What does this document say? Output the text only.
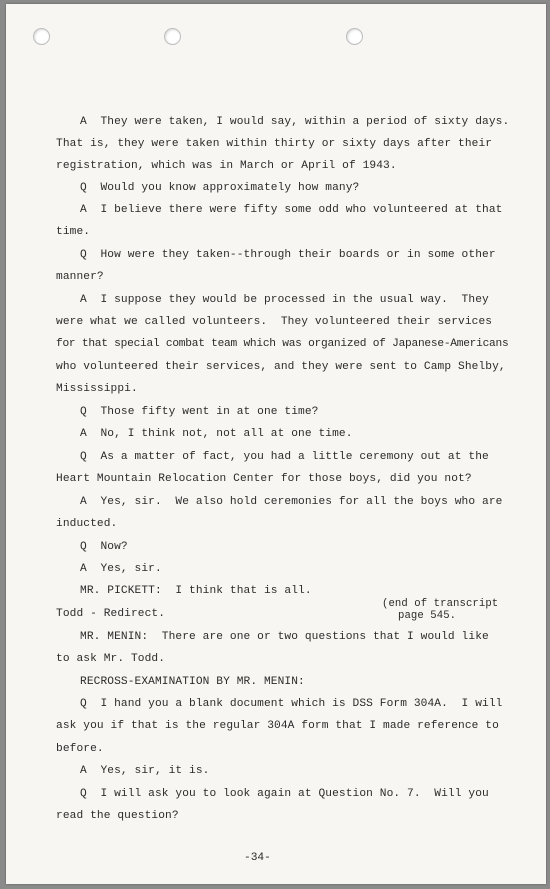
A  They were taken, I would say, within a period of sixty days.
That is, they were taken within thirty or sixty days after their
registration, which was in March or April of 1943.
Q  Would you know approximately how many?
A  I believe there were fifty some odd who volunteered at that
time.
Q  How were they taken--through their boards or in some other
manner?
A  I suppose they would be processed in the usual way.  They
were what we called volunteers.  They volunteered their services
for that special combat team which was organized of Japanese-Americans
who volunteered their services, and they were sent to Camp Shelby,
Mississippi.
Q  Those fifty went in at one time?
A  No, I think not, not all at one time.
Q  As a matter of fact, you had a little ceremony out at the
Heart Mountain Relocation Center for those boys, did you not?
A  Yes, sir.  We also hold ceremonies for all the boys who are
inducted.
Q  Now?
A  Yes, sir.
MR. PICKETT:  I think that is all.
(end of transcript
page 545.
Todd - Redirect.
MR. MENIN:  There are one or two questions that I would like
to ask Mr. Todd.
RECROSS-EXAMINATION BY MR. MENIN:
Q  I hand you a blank document which is DSS Form 304A.  I will
ask you if that is the regular 304A form that I made reference to
before.
A  Yes, sir, it is.
Q  I will ask you to look again at Question No. 7.  Will you
read the question?
-34-
